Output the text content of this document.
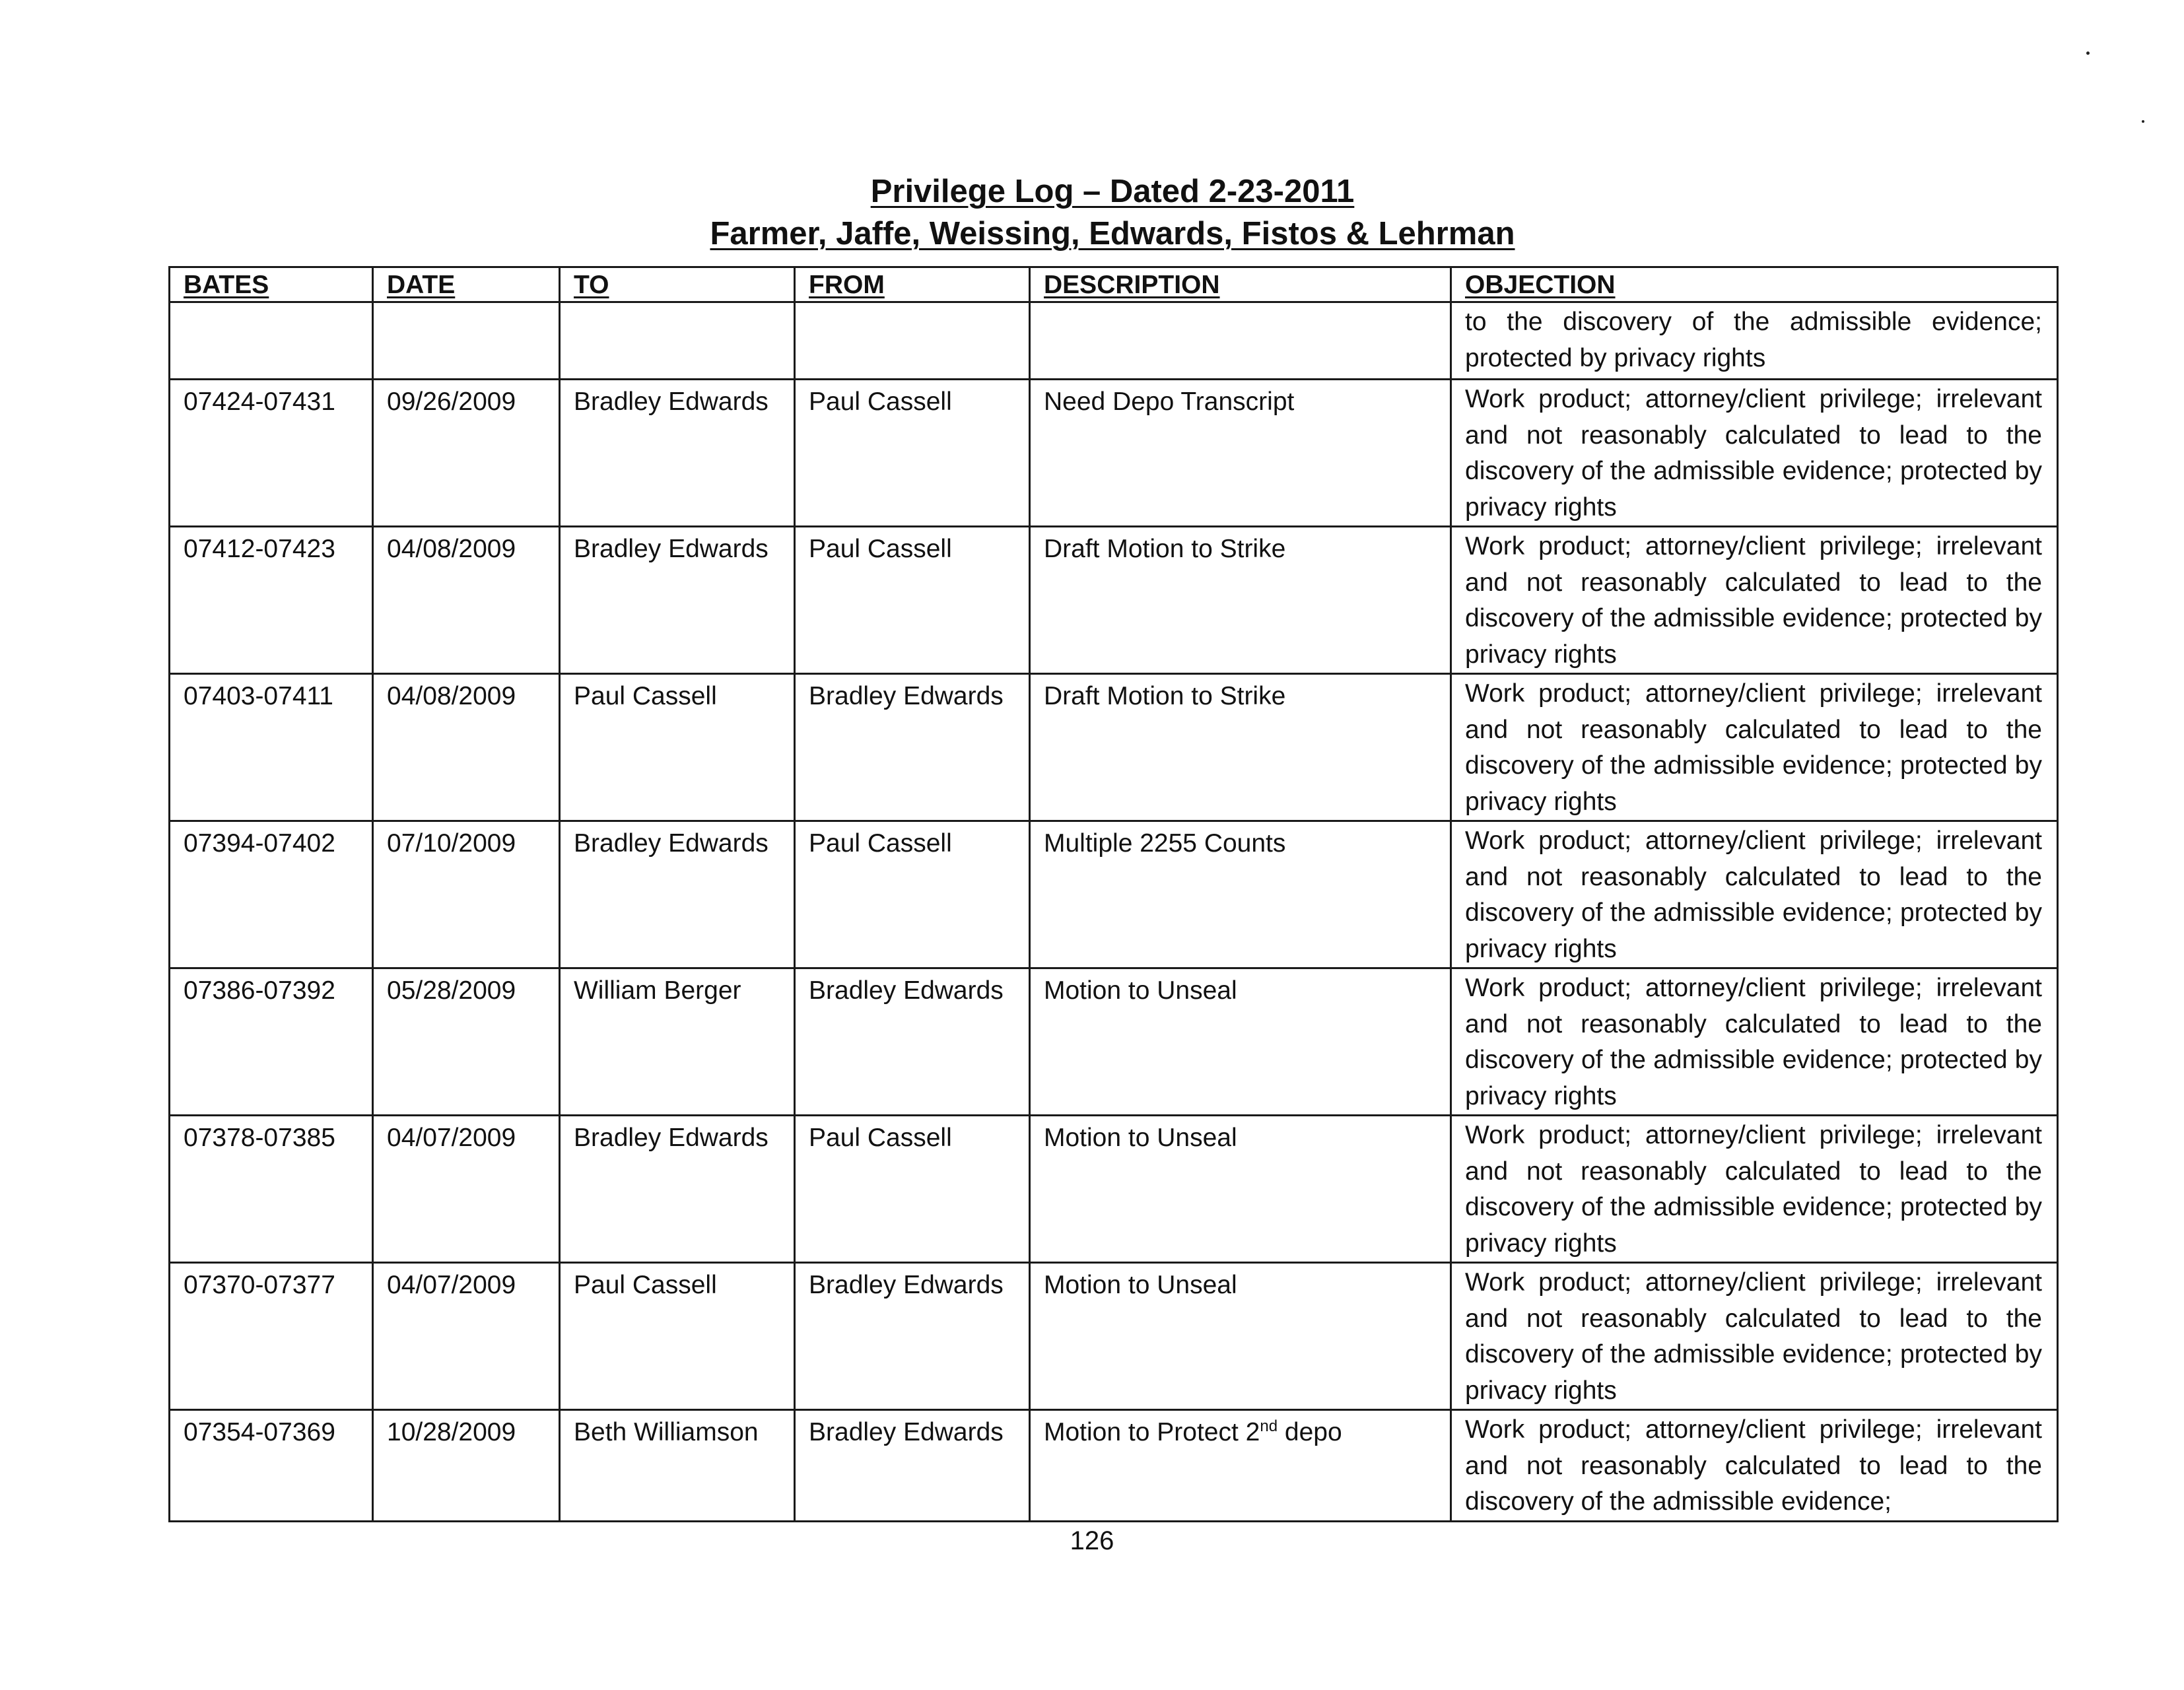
Privilege Log – Dated 2-23-2011
Farmer, Jaffe, Weissing, Edwards, Fistos & Lehrman
BATES	DATE	TO	FROM	DESCRIPTION	OBJECTION
					to the discovery of the admissible evidence; protected by privacy rights
07424-07431	09/26/2009	Bradley Edwards	Paul Cassell	Need Depo Transcript	Work product; attorney/client privilege; irrelevant and not reasonably calculated to lead to the discovery of the admissible evidence; protected by privacy rights
07412-07423	04/08/2009	Bradley Edwards	Paul Cassell	Draft Motion to Strike	Work product; attorney/client privilege; irrelevant and not reasonably calculated to lead to the discovery of the admissible evidence; protected by privacy rights
07403-07411	04/08/2009	Paul Cassell	Bradley Edwards	Draft Motion to Strike	Work product; attorney/client privilege; irrelevant and not reasonably calculated to lead to the discovery of the admissible evidence; protected by privacy rights
07394-07402	07/10/2009	Bradley Edwards	Paul Cassell	Multiple 2255 Counts	Work product; attorney/client privilege; irrelevant and not reasonably calculated to lead to the discovery of the admissible evidence; protected by privacy rights
07386-07392	05/28/2009	William Berger	Bradley Edwards	Motion to Unseal	Work product; attorney/client privilege; irrelevant and not reasonably calculated to lead to the discovery of the admissible evidence; protected by privacy rights
07378-07385	04/07/2009	Bradley Edwards	Paul Cassell	Motion to Unseal	Work product; attorney/client privilege; irrelevant and not reasonably calculated to lead to the discovery of the admissible evidence; protected by privacy rights
07370-07377	04/07/2009	Paul Cassell	Bradley Edwards	Motion to Unseal	Work product; attorney/client privilege; irrelevant and not reasonably calculated to lead to the discovery of the admissible evidence; protected by privacy rights
07354-07369	10/28/2009	Beth Williamson	Bradley Edwards	Motion to Protect 2nd depo	Work product; attorney/client privilege; irrelevant and not reasonably calculated to lead to the discovery of the admissible evidence;
126
